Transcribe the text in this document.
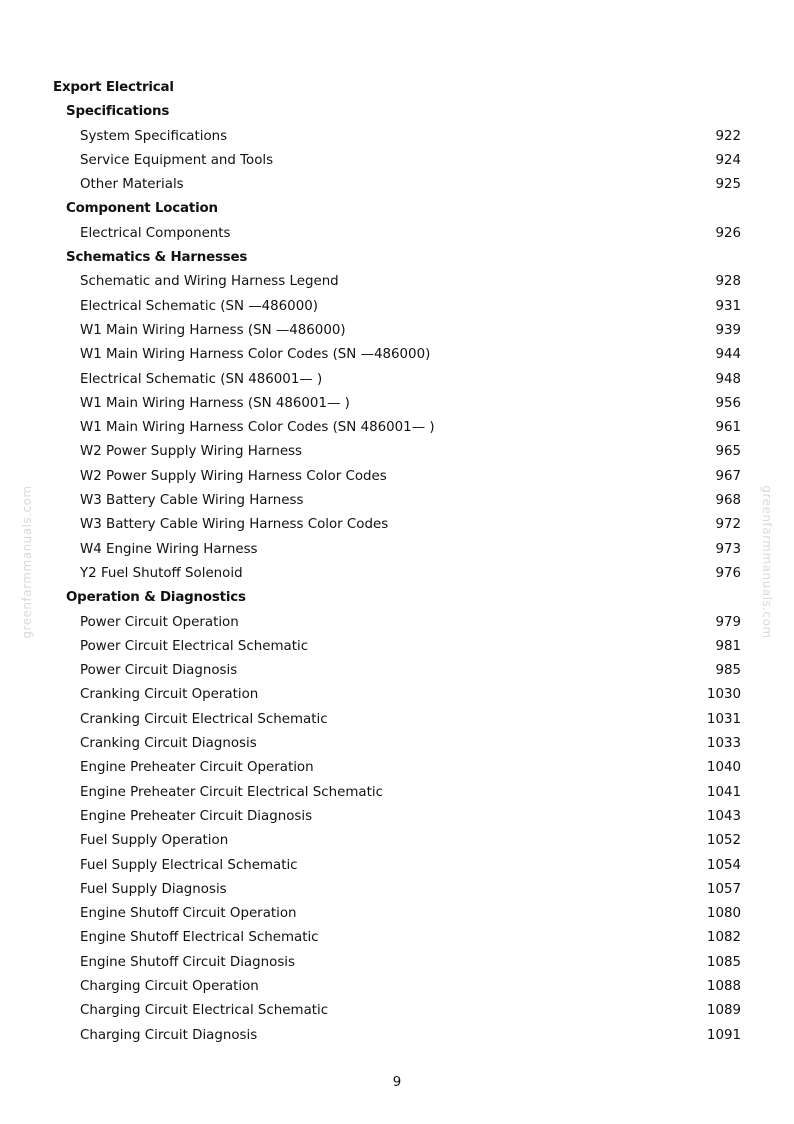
greenfarmmanuals.com	greenfarmmanuals.com
Export Electrical
Specifications
System Specifications	922
Service Equipment and Tools	924
Other Materials	925
Component Location
Electrical Components	926
Schematics & Harnesses
Schematic and Wiring Harness Legend	928
Electrical Schematic (SN —486000)	931
W1 Main Wiring Harness (SN —486000)	939
W1 Main Wiring Harness Color Codes (SN —486000)	944
Electrical Schematic (SN 486001— )	948
W1 Main Wiring Harness (SN 486001— )	956
W1 Main Wiring Harness Color Codes (SN 486001— )	961
W2 Power Supply Wiring Harness	965
W2 Power Supply Wiring Harness Color Codes	967
W3 Battery Cable Wiring Harness	968
W3 Battery Cable Wiring Harness Color Codes	972
W4 Engine Wiring Harness	973
Y2 Fuel Shutoff Solenoid	976
Operation & Diagnostics
Power Circuit Operation	979
Power Circuit Electrical Schematic	981
Power Circuit Diagnosis	985
Cranking Circuit Operation	1030
Cranking Circuit Electrical Schematic	1031
Cranking Circuit Diagnosis	1033
Engine Preheater Circuit Operation	1040
Engine Preheater Circuit Electrical Schematic	1041
Engine Preheater Circuit Diagnosis	1043
Fuel Supply Operation	1052
Fuel Supply Electrical Schematic	1054
Fuel Supply Diagnosis	1057
Engine Shutoff Circuit Operation	1080
Engine Shutoff Electrical Schematic	1082
Engine Shutoff Circuit Diagnosis	1085
Charging Circuit Operation	1088
Charging Circuit Electrical Schematic	1089
Charging Circuit Diagnosis	1091
9
